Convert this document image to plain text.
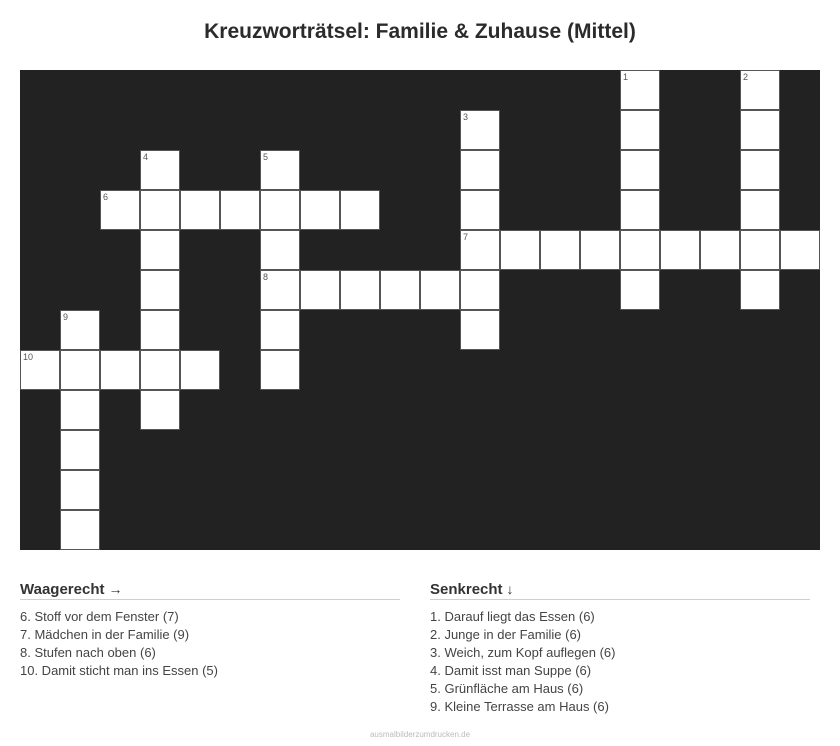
Kreuzworträtsel: Familie & Zuhause (Mittel)
1	2
3
4	5
6
7
8
9
10
Waagerecht →
6. Stoff vor dem Fenster (7)
7. Mädchen in der Familie (9)
8. Stufen nach oben (6)
10. Damit sticht man ins Essen (5)
Senkrecht ↓
1. Darauf liegt das Essen (6)
2. Junge in der Familie (6)
3. Weich, zum Kopf auflegen (6)
4. Damit isst man Suppe (6)
5. Grünfläche am Haus (6)
9. Kleine Terrasse am Haus (6)
ausmalbilderzumdrucken.de
